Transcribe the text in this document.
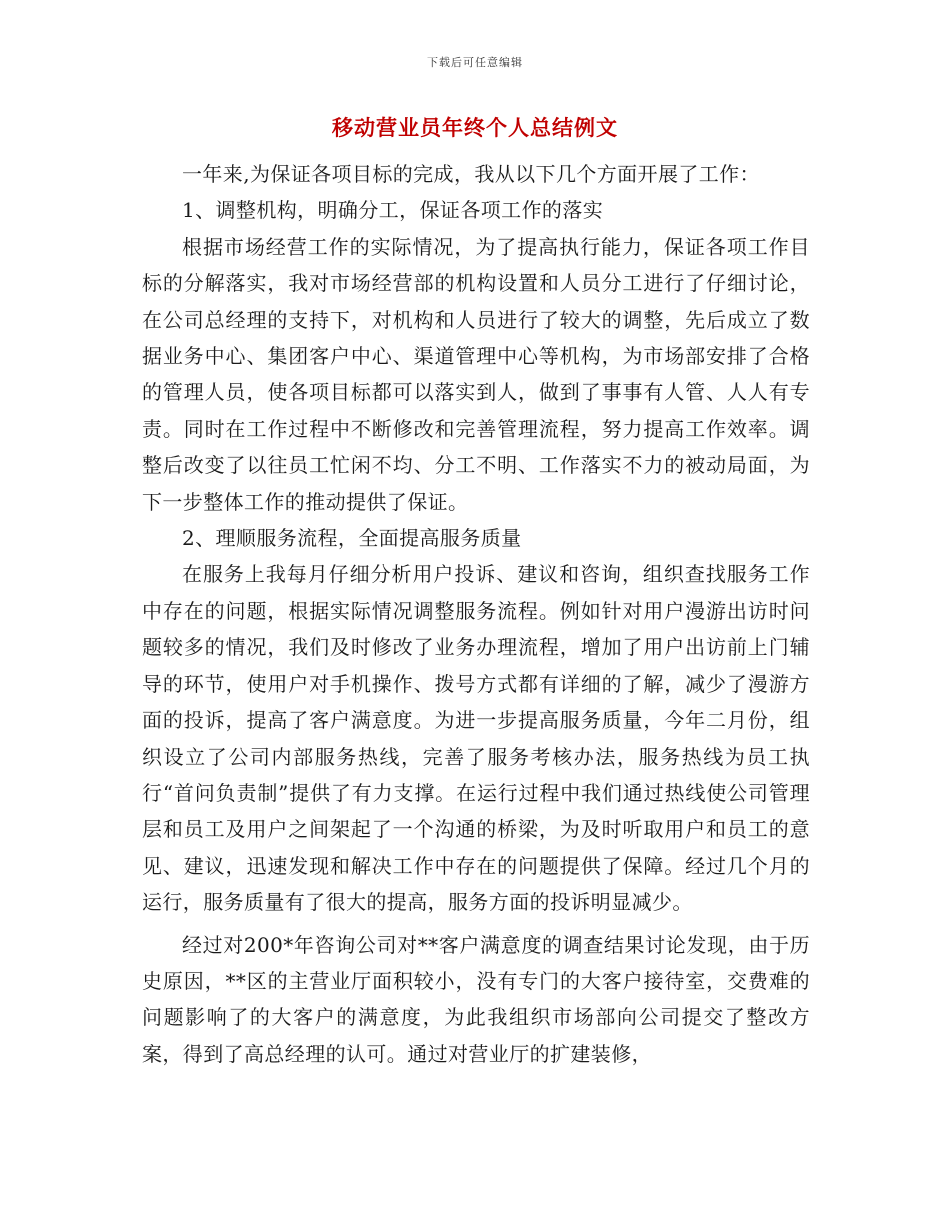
下载后可任意编辑
移动营业员年终个人总结例文

一年来,为保证各项目标的完成，我从以下几个方面开展了工作：

1、调整机构，明确分工，保证各项工作的落实

根据市场经营工作的实际情况，为了提高执行能力，保证各项工作目标的分解落实，我对市场经营部的机构设置和人员分工进行了仔细讨论，在公司总经理的支持下，对机构和人员进行了较大的调整，先后成立了数据业务中心、集团客户中心、渠道管理中心等机构，为市场部安排了合格的管理人员，使各项目标都可以落实到人，做到了事事有人管、人人有专责。同时在工作过程中不断修改和完善管理流程，努力提高工作效率。调整后改变了以往员工忙闲不均、分工不明、工作落实不力的被动局面，为下一步整体工作的推动提供了保证。

2、理顺服务流程，全面提高服务质量

在服务上我每月仔细分析用户投诉、建议和咨询，组织查找服务工作中存在的问题，根据实际情况调整服务流程。例如针对用户漫游出访时问题较多的情况，我们及时修改了业务办理流程，增加了用户出访前上门辅导的环节，使用户对手机操作、拨号方式都有详细的了解，减少了漫游方面的投诉，提高了客户满意度。为进一步提高服务质量，今年二月份，组织设立了公司内部服务热线，完善了服务考核办法，服务热线为员工执行“首问负责制”提供了有力支撑。在运行过程中我们通过热线使公司管理层和员工及用户之间架起了一个沟通的桥梁，为及时听取用户和员工的意见、建议，迅速发现和解决工作中存在的问题提供了保障。经过几个月的运行，服务质量有了很大的提高，服务方面的投诉明显减少。

经过对200*年咨询公司对**客户满意度的调查结果讨论发现，由于历史原因，**区的主营业厅面积较小，没有专门的大客户接待室，交费难的问题影响了的大客户的满意度，为此我组织市场部向公司提交了整改方案，得到了高总经理的认可。通过对营业厅的扩建装修，
